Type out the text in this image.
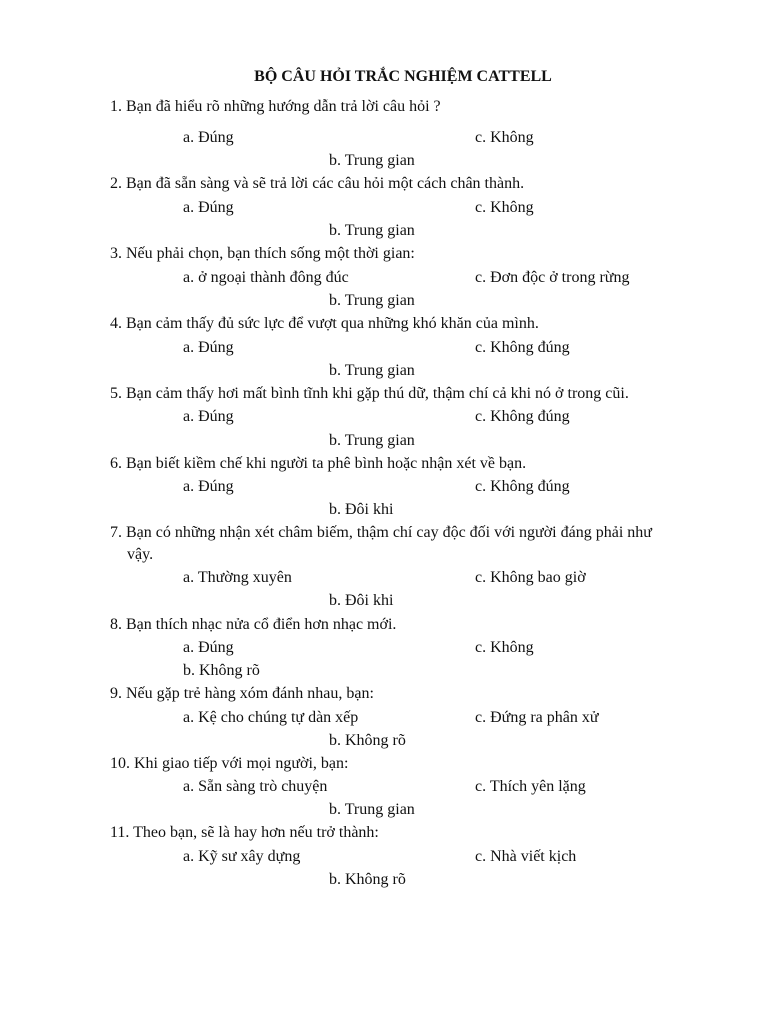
BỘ CÂU HỎI TRẮC NGHIỆM CATTELL
1. Bạn đã hiểu rõ những hướng dẫn trả lời câu hỏi ?
a. Đúng	c. Không
b. Trung gian
2. Bạn đã sẵn sàng và sẽ trả lời các câu hỏi một cách chân thành.
a. Đúng	c. Không
b. Trung gian
3. Nếu phải chọn, bạn thích sống một thời gian:
a. ở ngoại thành đông đúc	c. Đơn độc ở trong rừng
b. Trung gian
4. Bạn cảm thấy đủ sức lực để vượt qua những khó khăn của mình.
a. Đúng	c. Không đúng
b. Trung gian
5. Bạn cảm thấy hơi mất bình tĩnh khi gặp thú dữ, thậm chí cả khi nó ở trong cũi.
a. Đúng	c. Không đúng
b. Trung gian
6. Bạn biết kiềm chế khi người ta phê bình hoặc nhận xét về bạn.
a. Đúng	c. Không đúng
b. Đôi khi
7. Bạn có những nhận xét châm biếm, thậm chí cay độc đối với người đáng phải như
vậy.
a. Thường xuyên	c. Không bao giờ
b. Đôi khi
8. Bạn thích nhạc nửa cổ điển hơn nhạc mới.
a. Đúng	c. Không
b. Không rõ
9. Nếu gặp trẻ hàng xóm đánh nhau, bạn:
a. Kệ cho chúng tự dàn xếp	c. Đứng ra phân xử
b. Không rõ
10. Khi giao tiếp với mọi người, bạn:
a. Sẵn sàng trò chuyện	c. Thích yên lặng
b. Trung gian
11. Theo bạn, sẽ là hay hơn nếu trở thành:
a. Kỹ sư xây dựng	c. Nhà viết kịch
b. Không rõ
